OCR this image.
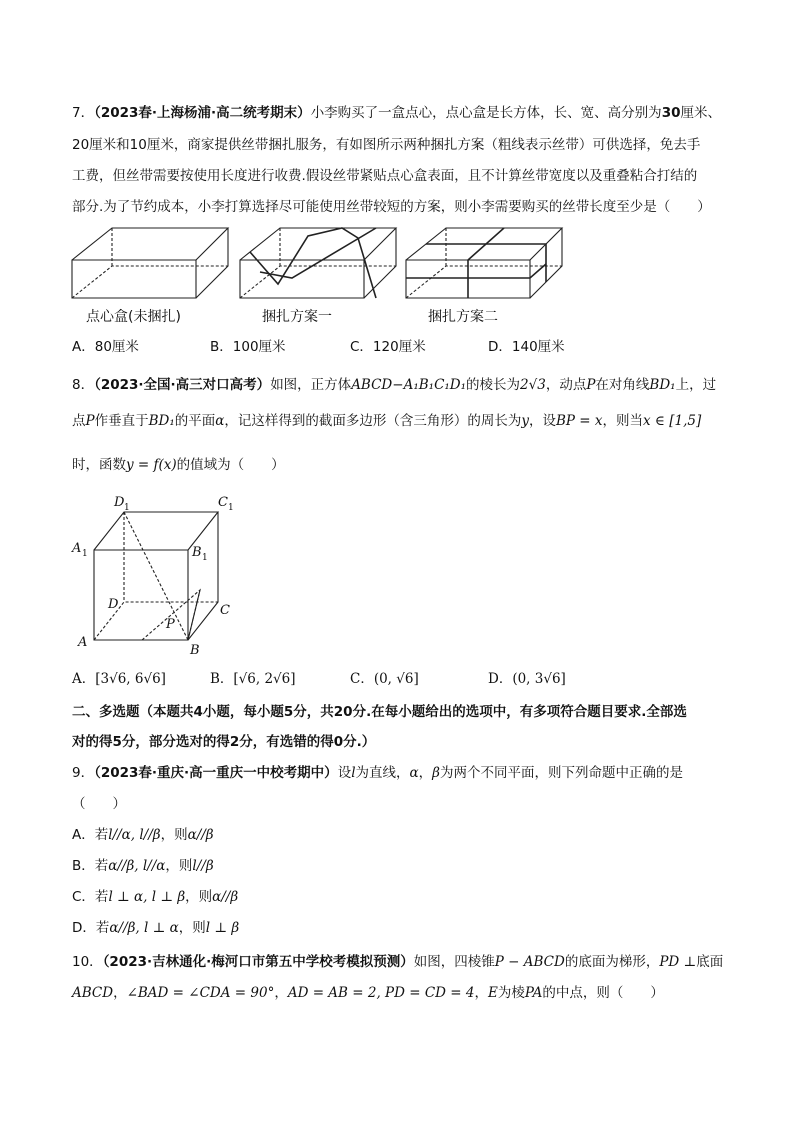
7．（2023春·上海杨浦·高二统考期末）小李购买了一盒点心，点心盒是长方体，长、宽、高分别为30厘米、
20厘米和10厘米，商家提供丝带捆扎服务，有如图所示两种捆扎方案（粗线表示丝带）可供选择，免去手
工费，但丝带需要按使用长度进行收费.假设丝带紧贴点心盒表面，且不计算丝带宽度以及重叠粘合打结的
部分.为了节约成本，小李打算选择尽可能使用丝带较短的方案，则小李需要购买的丝带长度至少是（　　）
点心盒(未捆扎)	捆扎方案一	捆扎方案二
A．80厘米	B．100厘米	C．120厘米	D．140厘米
8．（2023·全国·高三对口高考）如图，正方体ABCD−A₁B₁C₁D₁的棱长为2√3，动点P在对角线BD₁上，过
点P作垂直于BD₁的平面α，记这样得到的截面多边形（含三角形）的周长为y，设BP = x，则当x ∈ [1,5]
时，函数y = f(x)的值域为（　　）
D 1	C 1
A 1	B 1
D	C
A
B
P
A．[3√6, 6√6]	B．[√6, 2√6]	C．(0, √6]	D．(0, 3√6]
二、多选题（本题共4小题，每小题5分，共20分.在每小题给出的选项中，有多项符合题目要求.全部选
对的得5分，部分选对的得2分，有选错的得0分.）
9．（2023春·重庆·高一重庆一中校考期中）设l为直线，α，β为两个不同平面，则下列命题中正确的是
（　　）
A．若l//α, l//β，则α//β
B．若α//β, l//α，则l//β
C．若l ⊥ α, l ⊥ β，则α//β
D．若α//β, l ⊥ α，则l ⊥ β
10．（2023·吉林通化·梅河口市第五中学校考模拟预测）如图，四棱锥P − ABCD的底面为梯形，PD ⊥底面
ABCD，∠BAD = ∠CDA = 90°，AD = AB = 2, PD = CD = 4，E为棱PA的中点，则（　　）
